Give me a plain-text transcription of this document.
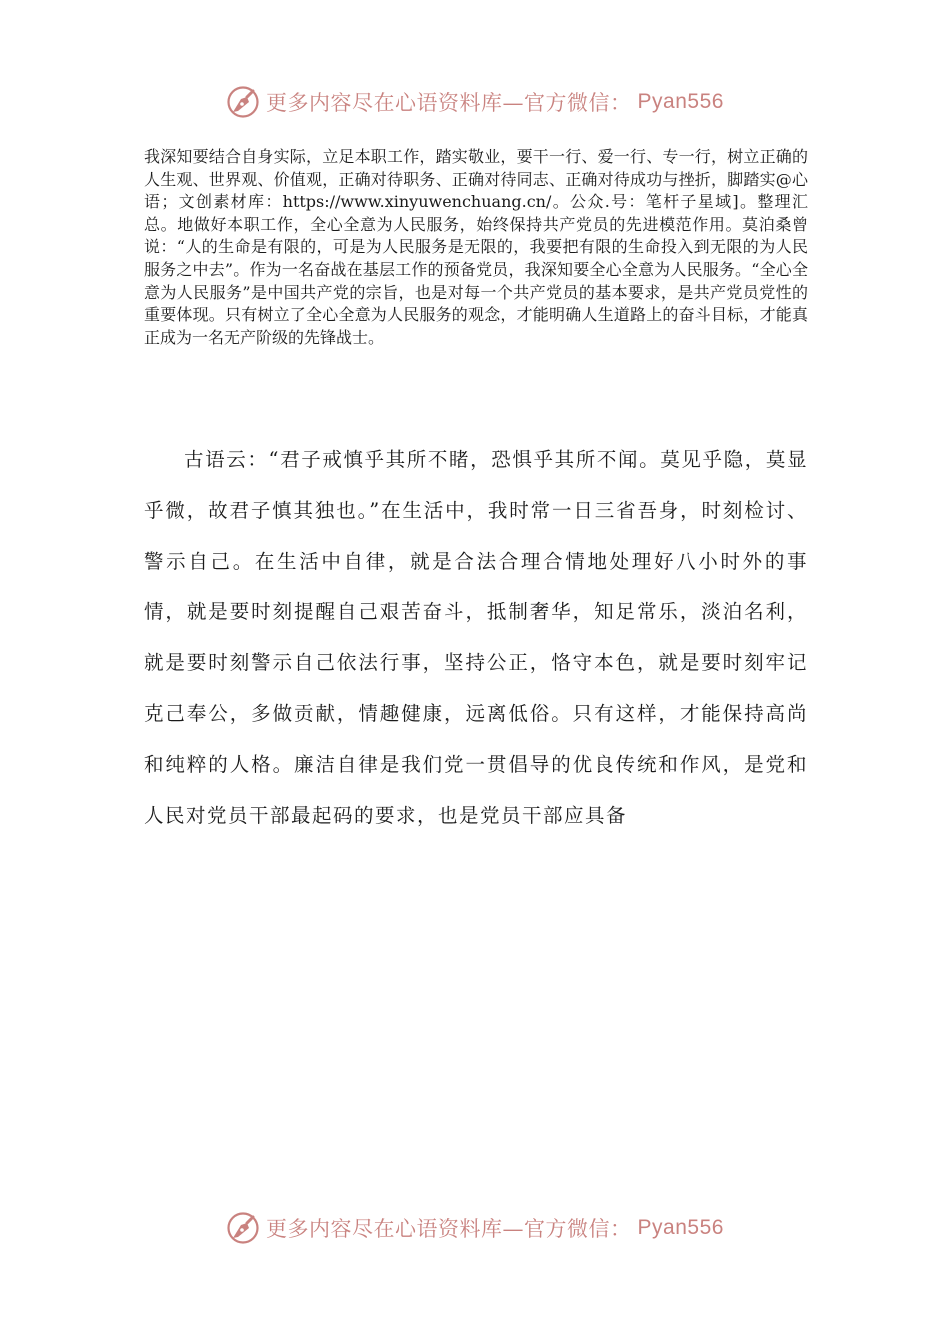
更多内容尽在心语资料库—官方微信： Pyan556

我深知要结合自身实际，立足本职工作，踏实敬业，要干一行、爱一行、专一行，树立正确的人生观、世界观、价值观，正确对待职务、正确对待同志、正确对待成功与挫折，脚踏实@心语；文创素材库：https://www.xinyuwenchuang.cn/。公众.号：笔杆子星域]。整理汇总。地做好本职工作，全心全意为人民服务，始终保持共产党员的先进模范作用。莫泊桑曾说：“人的生命是有限的，可是为人民服务是无限的，我要把有限的生命投入到无限的为人民服务之中去”。作为一名奋战在基层工作的预备党员，我深知要全心全意为人民服务。“全心全意为人民服务”是中国共产党的宗旨，也是对每一个共产党员的基本要求，是共产党员党性的重要体现。只有树立了全心全意为人民服务的观念，才能明确人生道路上的奋斗目标，才能真正成为一名无产阶级的先锋战士。

古语云：“君子戒慎乎其所不睹，恐惧乎其所不闻。莫见乎隐，莫显乎微，故君子慎其独也。”在生活中，我时常一日三省吾身，时刻检讨、警示自己。在生活中自律，就是合法合理合情地处理好八小时外的事情，就是要时刻提醒自己艰苦奋斗，抵制奢华，知足常乐，淡泊名利，就是要时刻警示自己依法行事，坚持公正，恪守本色，就是要时刻牢记克己奉公，多做贡献，情趣健康，远离低俗。只有这样，才能保持高尚和纯粹的人格。廉洁自律是我们党一贯倡导的优良传统和作风，是党和人民对党员干部最起码的要求，也是党员干部应具备

更多内容尽在心语资料库—官方微信： Pyan556
